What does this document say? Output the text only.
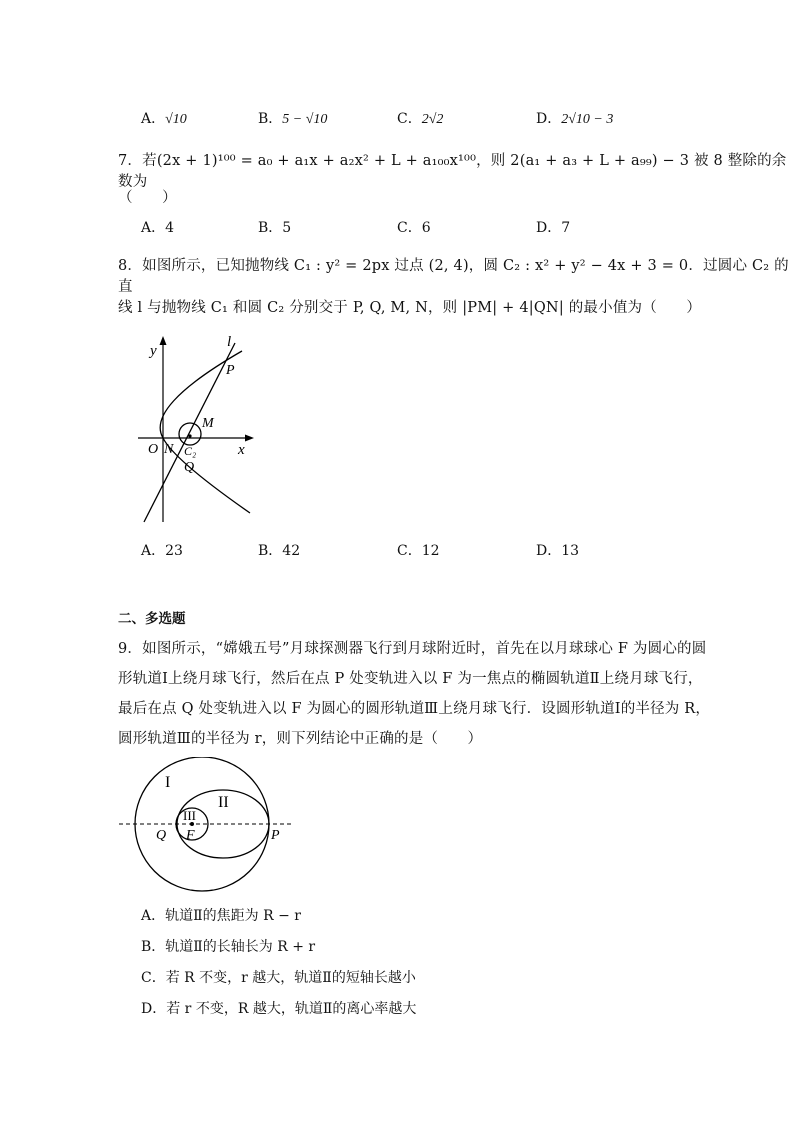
A．√10	B．5 − √10	C．2√2	D．2√10 − 3
7．若(2x + 1)¹⁰⁰ = a₀ + a₁x + a₂x² + L + a₁₀₀x¹⁰⁰，则 2(a₁ + a₃ + L + a₉₉) − 3 被 8 整除的余数为
（　　）
A．4	B．5	C．6	D．7
8．如图所示，已知抛物线 C₁ : y² = 2px 过点 (2, 4)，圆 C₂ : x² + y² − 4x + 3 = 0．过圆心 C₂ 的直
线 l 与抛物线 C₁ 和圆 C₂ 分别交于 P, Q, M, N，则 |PM| + 4|QN| 的最小值为（　　）
y
l
P
M
x
O N C₂
Q
A．23	B．42	C．12	D．13
二、多选题
9．如图所示，“嫦娥五号”月球探测器飞行到月球附近时，首先在以月球球心 F 为圆心的圆
形轨道Ⅰ上绕月球飞行，然后在点 P 处变轨进入以 F 为一焦点的椭圆轨道Ⅱ上绕月球飞行，
最后在点 Q 处变轨进入以 F 为圆心的圆形轨道Ⅲ上绕月球飞行．设圆形轨道Ⅰ的半径为 R，
圆形轨道Ⅲ的半径为 r，则下列结论中正确的是（　　）
I
II
III
Q F	P
A．轨道Ⅱ的焦距为 R − r
B．轨道Ⅱ的长轴长为 R + r
C．若 R 不变，r 越大，轨道Ⅱ的短轴长越小
D．若 r 不变，R 越大，轨道Ⅱ的离心率越大
